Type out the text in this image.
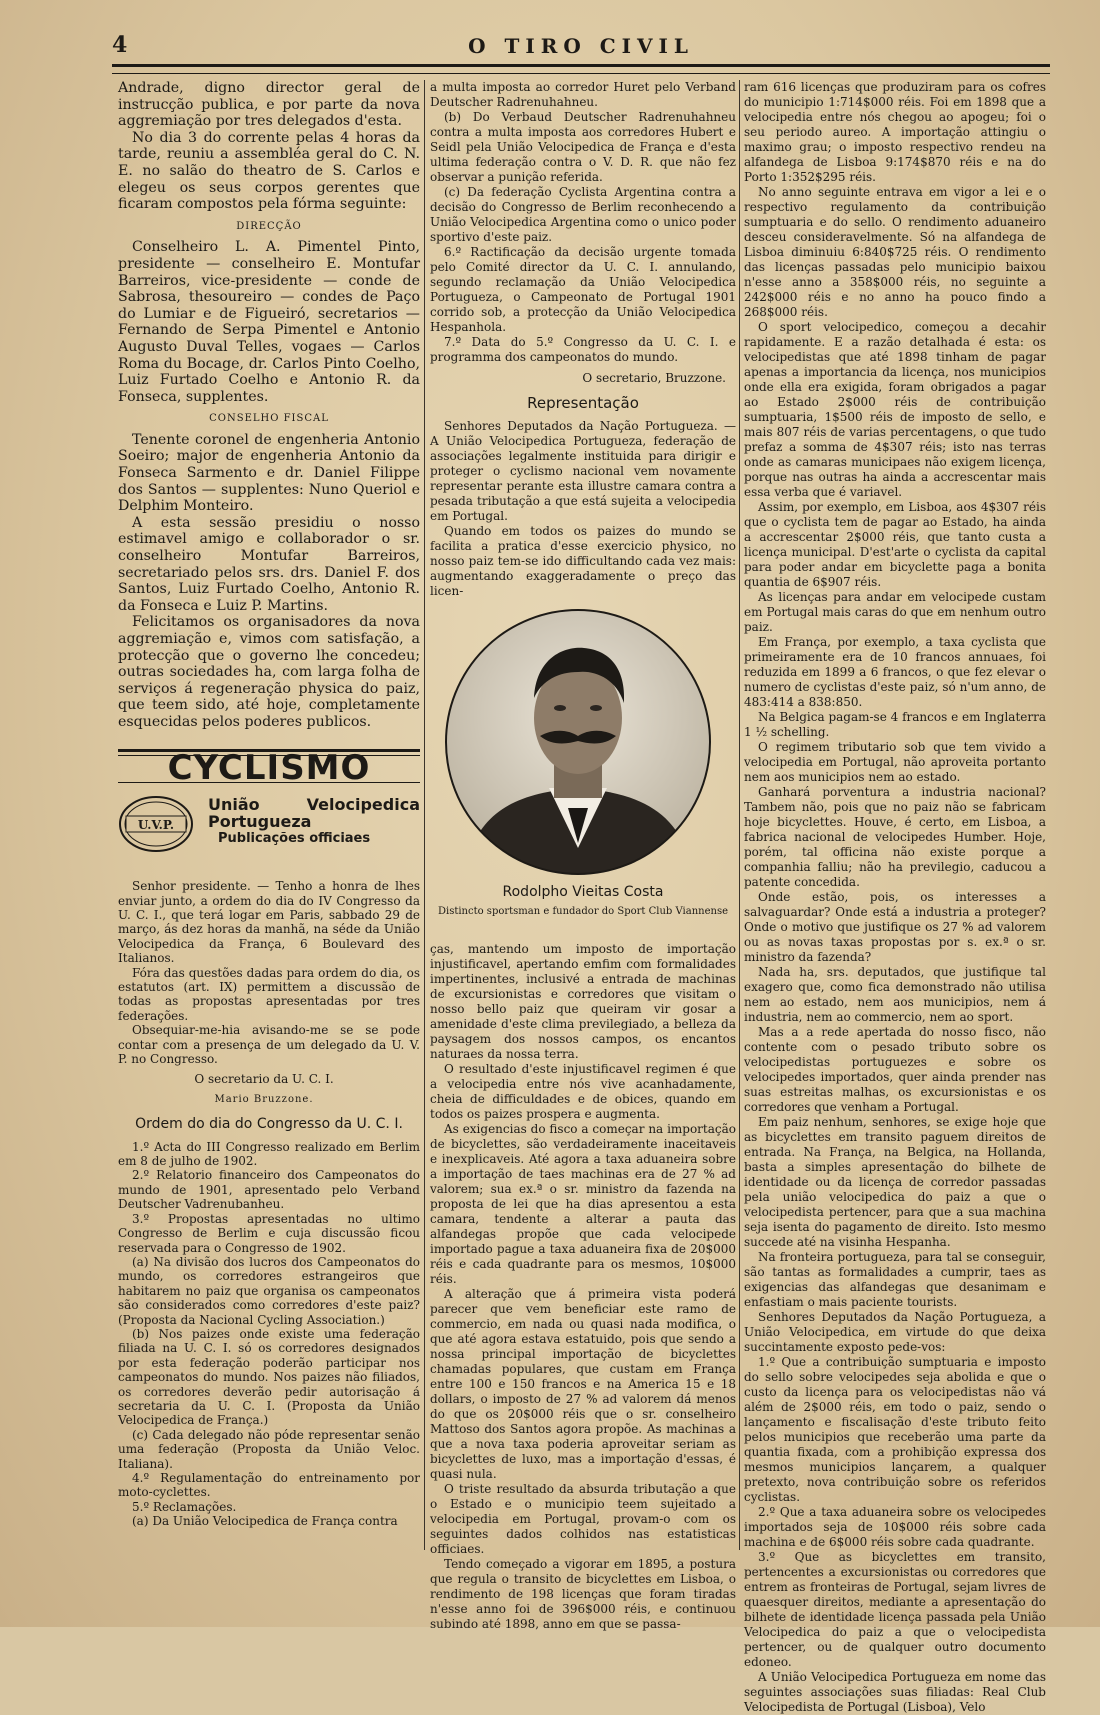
4	O TIRO CIVIL

Andrade, digno director geral de instrucção publica, e por parte da nova aggremiação por tres delegados d'esta.

No dia 3 do corrente pelas 4 horas da tarde, reuniu a assembléa geral do C. N. E. no salão do theatro de S. Carlos e elegeu os seus corpos gerentes que ficaram compostos pela fórma seguinte:

DIRECÇÃO

Conselheiro L. A. Pimentel Pinto, presidente — conselheiro E. Montufar Barreiros, vice-presidente — conde de Sabrosa, thesoureiro — condes de Paço do Lumiar e de Figueiró, secretarios — Fernando de Serpa Pimentel e Antonio Augusto Duval Telles, vogaes — Carlos Roma du Bocage, dr. Carlos Pinto Coelho, Luiz Furtado Coelho e Antonio R. da Fonseca, supplentes.

CONSELHO FISCAL

Tenente coronel de engenheria Antonio Soeiro; major de engenheria Antonio da Fonseca Sarmento e dr. Daniel Filippe dos Santos — supplentes: Nuno Queriol e Delphim Monteiro.

A esta sessão presidiu o nosso estimavel amigo e collaborador o sr. conselheiro Montufar Barreiros, secretariado pelos srs. drs. Daniel F. dos Santos, Luiz Furtado Coelho, Antonio R. da Fonseca e Luiz P. Martins.

Felicitamos os organisadores da nova aggremiação e, vimos com satisfação, a protecção que o governo lhe concedeu; outras sociedades ha, com larga folha de serviços á regeneração physica do paiz, que teem sido, até hoje, completamente esquecidas pelos poderes publicos.

CYCLISMO
U.V.P.
União Velocipedica Portugueza
Publicações officiaes

Senhor presidente. — Tenho a honra de lhes enviar junto, a ordem do dia do IV Congresso da U. C. I., que terá logar em Paris, sabbado 29 de março, ás dez horas da manhã, na séde da União Velocipedica da França, 6 Boulevard des Italianos.

Fóra das questões dadas para ordem do dia, os estatutos (art. IX) permittem a discussão de todas as propostas apresentadas por tres federações.

Obsequiar-me-hia avisando-me se se pode contar com a presença de um delegado da U. V. P. no Congresso.

O secretario da U. C. I.

Mario Bruzzone.

Ordem do dia do Congresso da U. C. I.

1.º Acta do III Congresso realizado em Berlim em 8 de julho de 1902.

2.º Relatorio financeiro dos Campeonatos do mundo de 1901, apresentado pelo Verband Deutscher Vadrenubanheu.

3.º Propostas apresentadas no ultimo Congresso de Berlim e cuja discussão ficou reservada para o Congresso de 1902.

(a) Na divisão dos lucros dos Campeonatos do mundo, os corredores estrangeiros que habitarem no paiz que organisa os campeonatos são considerados como corredores d'este paiz? (Proposta da Nacional Cycling Association.)

(b) Nos paizes onde existe uma federação filiada na U. C. I. só os corredores designados por esta federação poderão participar nos campeonatos do mundo. Nos paizes não filiados, os corredores deverão pedir autorisação á secretaria da U. C. I. (Proposta da União Velocipedica de França.)

(c) Cada delegado não póde representar senão uma federação (Proposta da União Veloc. Italiana).

4.º Regulamentação do entreinamento por moto-cyclettes.

5.º Reclamações.

(a) Da União Velocipedica de França contra

a multa imposta ao corredor Huret pelo Verband Deutscher Radrenuhahneu.

(b) Do Verbaud Deutscher Radrenuhahneu contra a multa imposta aos corredores Hubert e Seidl pela União Velocipedica de França e d'esta ultima federação contra o V. D. R. que não fez observar a punição referida.

(c) Da federação Cyclista Argentina contra a decisão do Congresso de Berlim reconhecendo a União Velocipedica Argentina como o unico poder sportivo d'este paiz.

6.º Ractificação da decisão urgente tomada pelo Comité director da U. C. I. annulando, segundo reclamação da União Velocipedica Portugueza, o Campeonato de Portugal 1901 corrido sob, a protecção da União Velocipedica Hespanhola.

7.º Data do 5.º Congresso da U. C. I. e programma dos campeonatos do mundo.

O secretario, Bruzzone.

Representação

Senhores Deputados da Nação Portugueza. — A União Velocipedica Portugueza, federação de associações legalmente instituida para dirigir e proteger o cyclismo nacional vem novamente representar perante esta illustre camara contra a pesada tributação a que está sujeita a velocipedia em Portugal.

Quando em todos os paizes do mundo se facilita a pratica d'esse exercicio physico, no nosso paiz tem-se ido difficultando cada vez mais: augmentando exaggeradamente o preço das licen-

Rodolpho Vieitas Costa
Distincto sportsman e fundador do Sport Club Viannense

ças, mantendo um imposto de importação injustificavel, apertando emfim com formalidades impertinentes, inclusivé a entrada de machinas de excursionistas e corredores que visitam o nosso bello paiz que queiram vir gosar a amenidade d'este clima previlegiado, a belleza da paysagem dos nossos campos, os encantos naturaes da nossa terra.

O resultado d'este injustificavel regimen é que a velocipedia entre nós vive acanhadamente, cheia de difficuldades e de obices, quando em todos os paizes prospera e augmenta.

As exigencias do fisco a começar na importação de bicyclettes, são verdadeiramente inaceitaveis e inexplicaveis. Até agora a taxa aduaneira sobre a importação de taes machinas era de 27 % ad valorem; sua ex.ª o sr. ministro da fazenda na proposta de lei que ha dias apresentou a esta camara, tendente a alterar a pauta das alfandegas propõe que cada velocipede importado pague a taxa aduaneira fixa de 20$000 réis e cada quadrante para os mesmos, 10$000 réis.

A alteração que á primeira vista poderá parecer que vem beneficiar este ramo de commercio, em nada ou quasi nada modifica, o que até agora estava estatuido, pois que sendo a nossa principal importação de bicyclettes chamadas populares, que custam em França entre 100 e 150 francos e na America 15 e 18 dollars, o imposto de 27 % ad valorem dá menos do que os 20$000 réis que o sr. conselheiro Mattoso dos Santos agora propõe. As machinas a que a nova taxa poderia aproveitar seriam as bicyclettes de luxo, mas a importação d'essas, é quasi nula.

O triste resultado da absurda tributação a que o Estado e o municipio teem sujeitado a velocipedia em Portugal, provam-o com os seguintes dados colhidos nas estatisticas officiaes.

Tendo começado a vigorar em 1895, a postura que regula o transito de bicyclettes em Lisboa, o rendimento de 198 licenças que foram tiradas n'esse anno foi de 396$000 réis, e continuou subindo até 1898, anno em que se passa-

ram 616 licenças que produziram para os cofres do municipio 1:714$000 réis. Foi em 1898 que a velocipedia entre nós chegou ao apogeu; foi o seu periodo aureo. A importação attingiu o maximo grau; o imposto respectivo rendeu na alfandega de Lisboa 9:174$870 réis e na do Porto 1:352$295 réis.

No anno seguinte entrava em vigor a lei e o respectivo regulamento da contribuição sumptuaria e do sello. O rendimento aduaneiro desceu consideravelmente. Só na alfandega de Lisboa diminuiu 6:840$725 réis. O rendimento das licenças passadas pelo municipio baixou n'esse anno a 358$000 réis, no seguinte a 242$000 réis e no anno ha pouco findo a 268$000 réis.

O sport velocipedico, começou a decahir rapidamente. E a razão detalhada é esta: os velocipedistas que até 1898 tinham de pagar apenas a importancia da licença, nos municipios onde ella era exigida, foram obrigados a pagar ao Estado 2$000 réis de contribuição sumptuaria, 1$500 réis de imposto de sello, e mais 807 réis de varias percentagens, o que tudo prefaz a somma de 4$307 réis; isto nas terras onde as camaras municipaes não exigem licença, porque nas outras ha ainda a accrescentar mais essa verba que é variavel.

Assim, por exemplo, em Lisboa, aos 4$307 réis que o cyclista tem de pagar ao Estado, ha ainda a accrescentar 2$000 réis, que tanto custa a licença municipal. D'est'arte o cyclista da capital para poder andar em bicyclette paga a bonita quantia de 6$907 réis.

As licenças para andar em velocipede custam em Portugal mais caras do que em nenhum outro paiz.

Em França, por exemplo, a taxa cyclista que primeiramente era de 10 francos annuaes, foi reduzida em 1899 a 6 francos, o que fez elevar o numero de cyclistas d'este paiz, só n'um anno, de 483:414 a 838:850.

Na Belgica pagam-se 4 francos e em Inglaterra 1 ½ schelling.

O regimem tributario sob que tem vivido a velocipedia em Portugal, não aproveita portanto nem aos municipios nem ao estado.

Ganhará porventura a industria nacional? Tambem não, pois que no paiz não se fabricam hoje bicyclettes. Houve, é certo, em Lisboa, a fabrica nacional de velocipedes Humber. Hoje, porém, tal officina não existe porque a companhia falliu; não ha previlegio, caducou a patente concedida.

Onde estão, pois, os interesses a salvaguardar? Onde está a industria a proteger? Onde o motivo que justifique os 27 % ad valorem ou as novas taxas propostas por s. ex.ª o sr. ministro da fazenda?

Nada ha, srs. deputados, que justifique tal exagero que, como fica demonstrado não utilisa nem ao estado, nem aos municipios, nem á industria, nem ao commercio, nem ao sport.

Mas a a rede apertada do nosso fisco, não contente com o pesado tributo sobre os velocipedistas portuguezes e sobre os velocipedes importados, quer ainda prender nas suas estreitas malhas, os excursionistas e os corredores que venham a Portugal.

Em paiz nenhum, senhores, se exige hoje que as bicyclettes em transito paguem direitos de entrada. Na França, na Belgica, na Hollanda, basta a simples apresentação do bilhete de identidade ou da licença de corredor passadas pela união velocipedica do paiz a que o velocipedista pertencer, para que a sua machina seja isenta do pagamento de direito. Isto mesmo succede até na visinha Hespanha.

Na fronteira portugueza, para tal se conseguir, são tantas as formalidades a cumprir, taes as exigencias das alfandegas que desanimam e enfastiam o mais paciente tourists.

Senhores Deputados da Nação Portugueza, a União Velocipedica, em virtude do que deixa succintamente exposto pede-vos:

1.º Que a contribuição sumptuaria e imposto do sello sobre velocipedes seja abolida e que o custo da licença para os velocipedistas não vá além de 2$000 réis, em todo o paiz, sendo o lançamento e fiscalisação d'este tributo feito pelos municipios que receberão uma parte da quantia fixada, com a prohibição expressa dos mesmos municipios lançarem, a qualquer pretexto, nova contribuição sobre os referidos cyclistas.

2.º Que a taxa aduaneira sobre os velocipedes importados seja de 10$000 réis sobre cada machina e de 6$000 réis sobre cada quadrante.

3.º Que as bicyclettes em transito, pertencentes a excursionistas ou corredores que entrem as fronteiras de Portugal, sejam livres de quaesquer direitos, mediante a apresentação do bilhete de identidade licença passada pela União Velocipedica do paiz a que o velocipedista pertencer, ou de qualquer outro documento edoneo.

A União Velocipedica Portugueza em nome das seguintes associações suas filiadas: Real Club Velocipedista de Portugal (Lisboa), Velo
